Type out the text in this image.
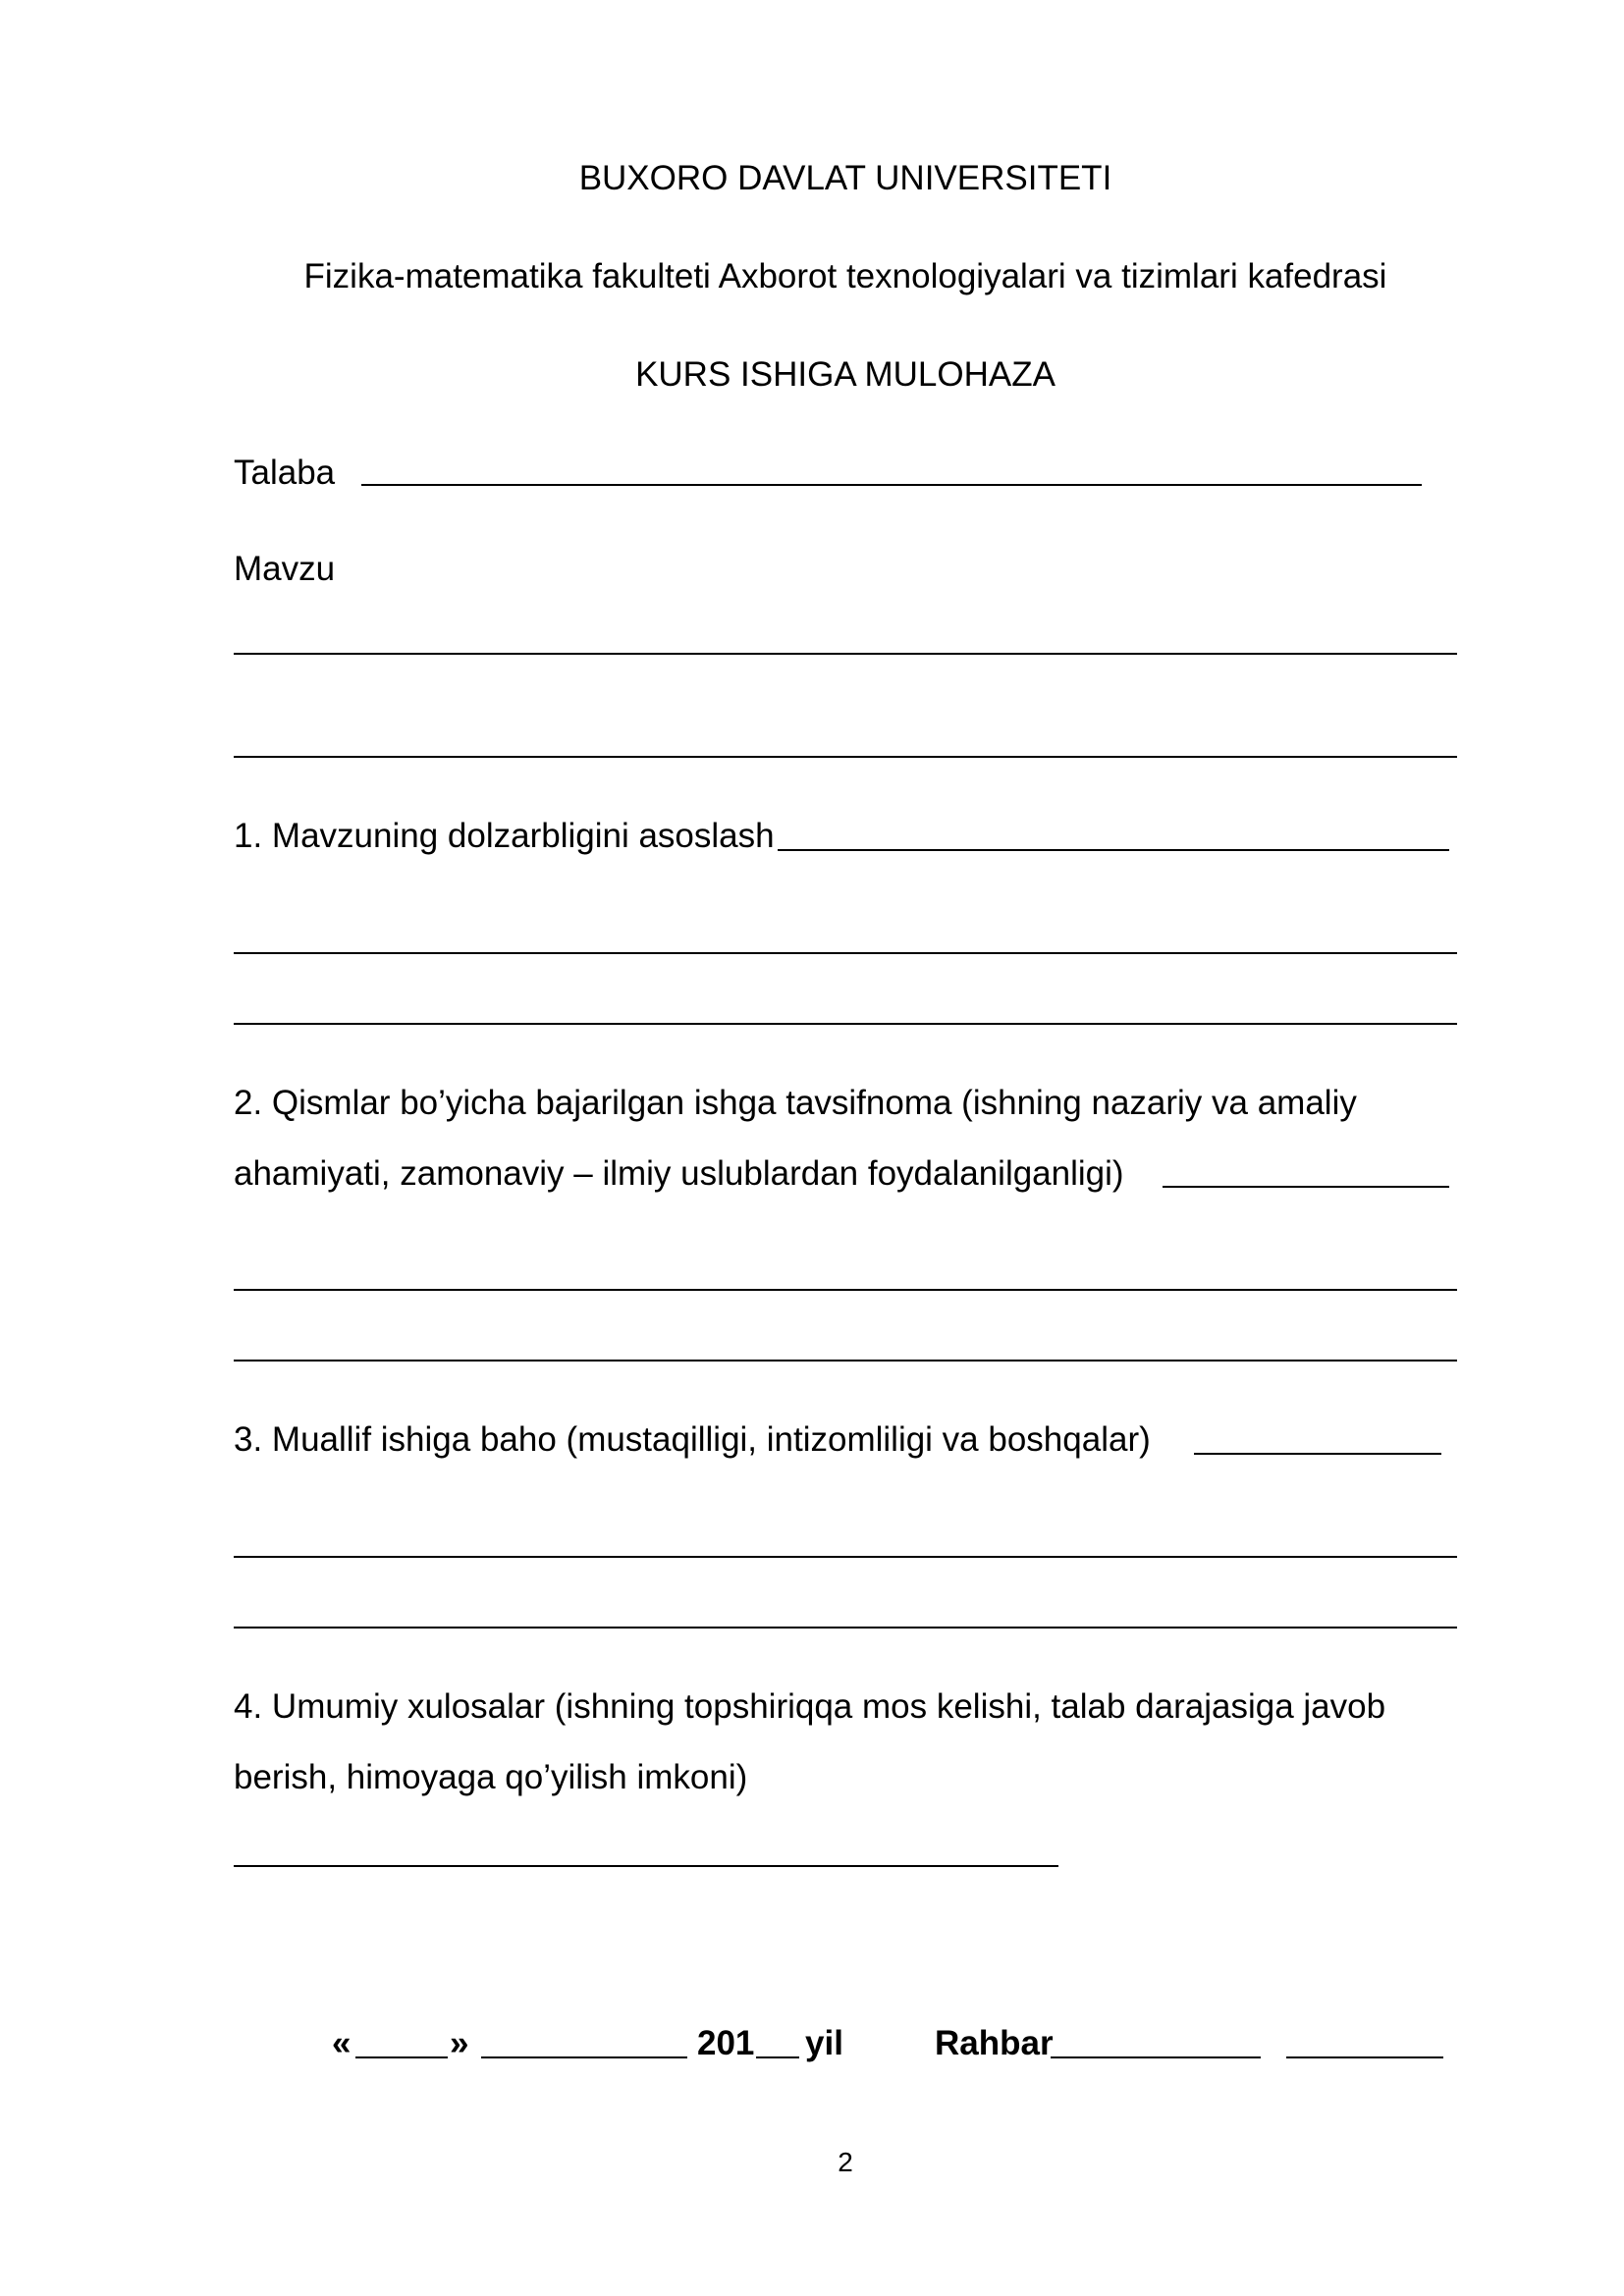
BUXORO DAVLAT UNIVERSITETI
Fizika-matematika fakulteti Axborot texnologiyalari va tizimlari kafedrasi
KURS ISHIGA MULOHAZA
Talaba
Mavzu
1. Mavzuning dolzarbligini asoslash
2. Qismlar bo’yicha bajarilgan ishga tavsifnoma (ishning nazariy va amaliy
ahamiyati, zamonaviy – ilmiy uslublardan foydalanilganligi)
3. Muallif ishiga baho (mustaqilligi, intizomliligi va boshqalar)
4. Umumiy xulosalar (ishning topshiriqqa mos kelishi, talab darajasiga javob
berish, himoyaga qo’yilish imkoni)
«	»	201 yil	Rahbar
2
